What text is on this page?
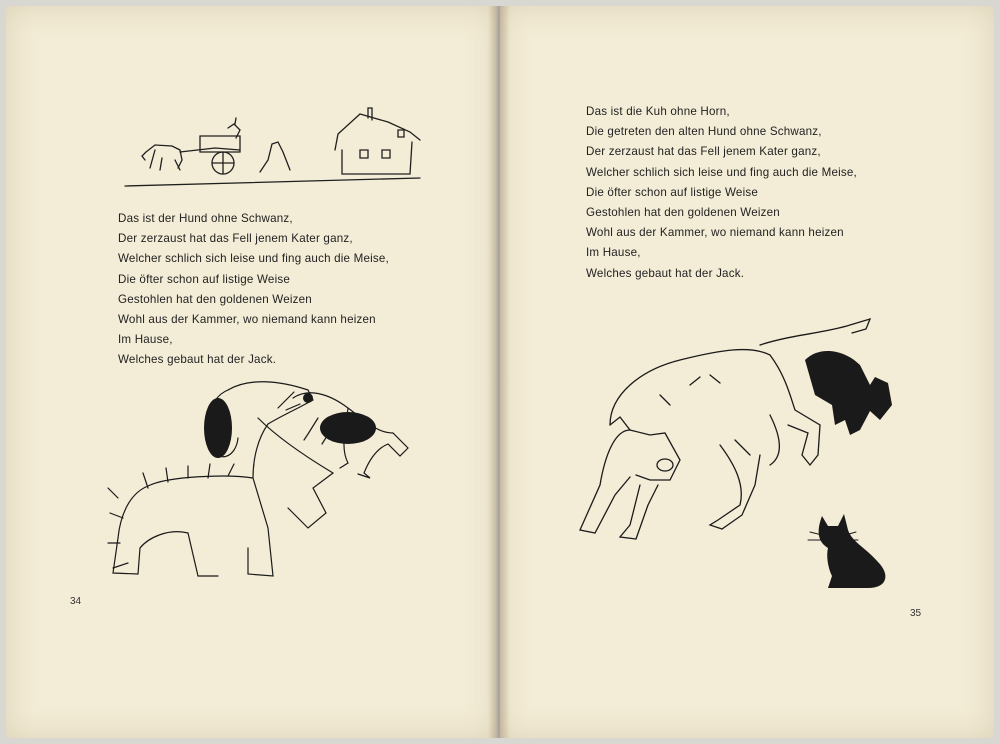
Das ist der Hund ohne Schwanz,
Der zerzaust hat das Fell jenem Kater ganz,
Welcher schlich sich leise und fing auch die Meise,
Die öfter schon auf listige Weise
Gestohlen hat den goldenen Weizen
Wohl aus der Kammer, wo niemand kann heizen
Im Hause,
Welches gebaut hat der Jack.
Das ist die Kuh ohne Horn,
Die getreten den alten Hund ohne Schwanz,
Der zerzaust hat das Fell jenem Kater ganz,
Welcher schlich sich leise und fing auch die Meise,
Die öfter schon auf listige Weise
Gestohlen hat den goldenen Weizen
Wohl aus der Kammer, wo niemand kann heizen
Im Hause,
Welches gebaut hat der Jack.
34
35
